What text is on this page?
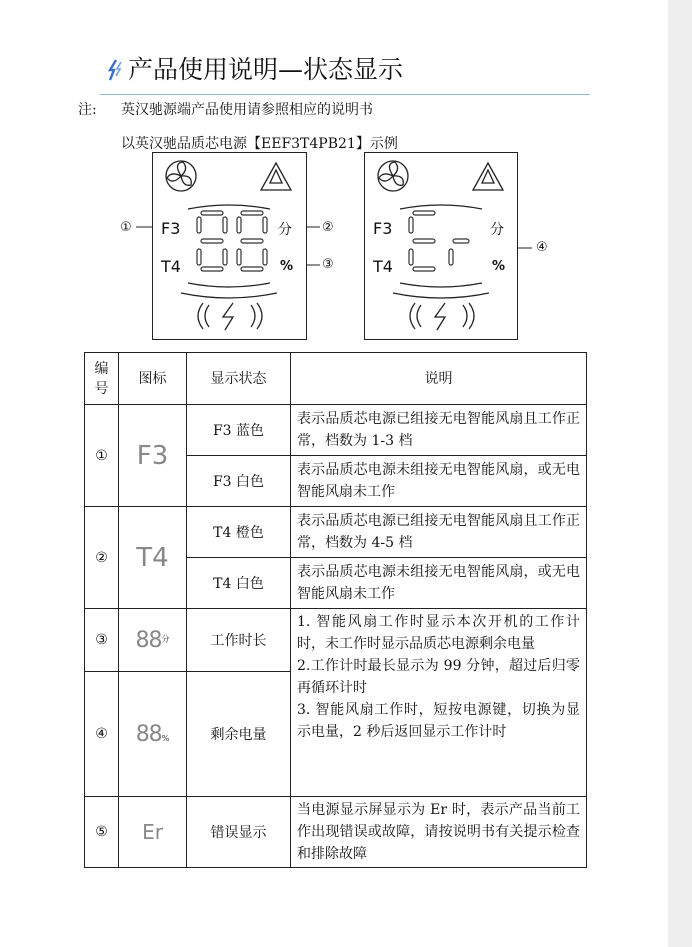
产品使用说明—状态显示
注: 英汉驰源端产品使用请参照相应的说明书
以英汉驰品质芯电源【EEF3T4PB21】示例
①	②
③
④
F3
T4
分
%
F3
T4
分
%
编号	图标	显示状态	说明
①	F3	F3 蓝色	表示品质芯电源已组接无电智能风扇且工作正常，档数为 1-3 档

		F3 白色	表示品质芯电源未组接无电智能风扇，或无电智能风扇未工作

②	T4	T4 橙色	表示品质芯电源已组接无电智能风扇且工作正常，档数为 4-5 档

		T4 白色	表示品质芯电源未组接无电智能风扇，或无电智能风扇未工作

③	$88^分$	工作时长	1. 智能风扇工作时显示本次开机的工作计时，未工作时显示品质芯电源剩余电量
2.工作计时最长显示为 99 分钟，超过后归零再循环计时
3. 智能风扇工作时，短按电源键，切换为显示电量，2 秒后返回显示工作计时

④	88%	剩余电量	
⑤	Er	错误显示	当电源显示屏显示为 Er 时，表示产品当前工作出现错误或故障，请按说明书有关提示检查和排除故障
